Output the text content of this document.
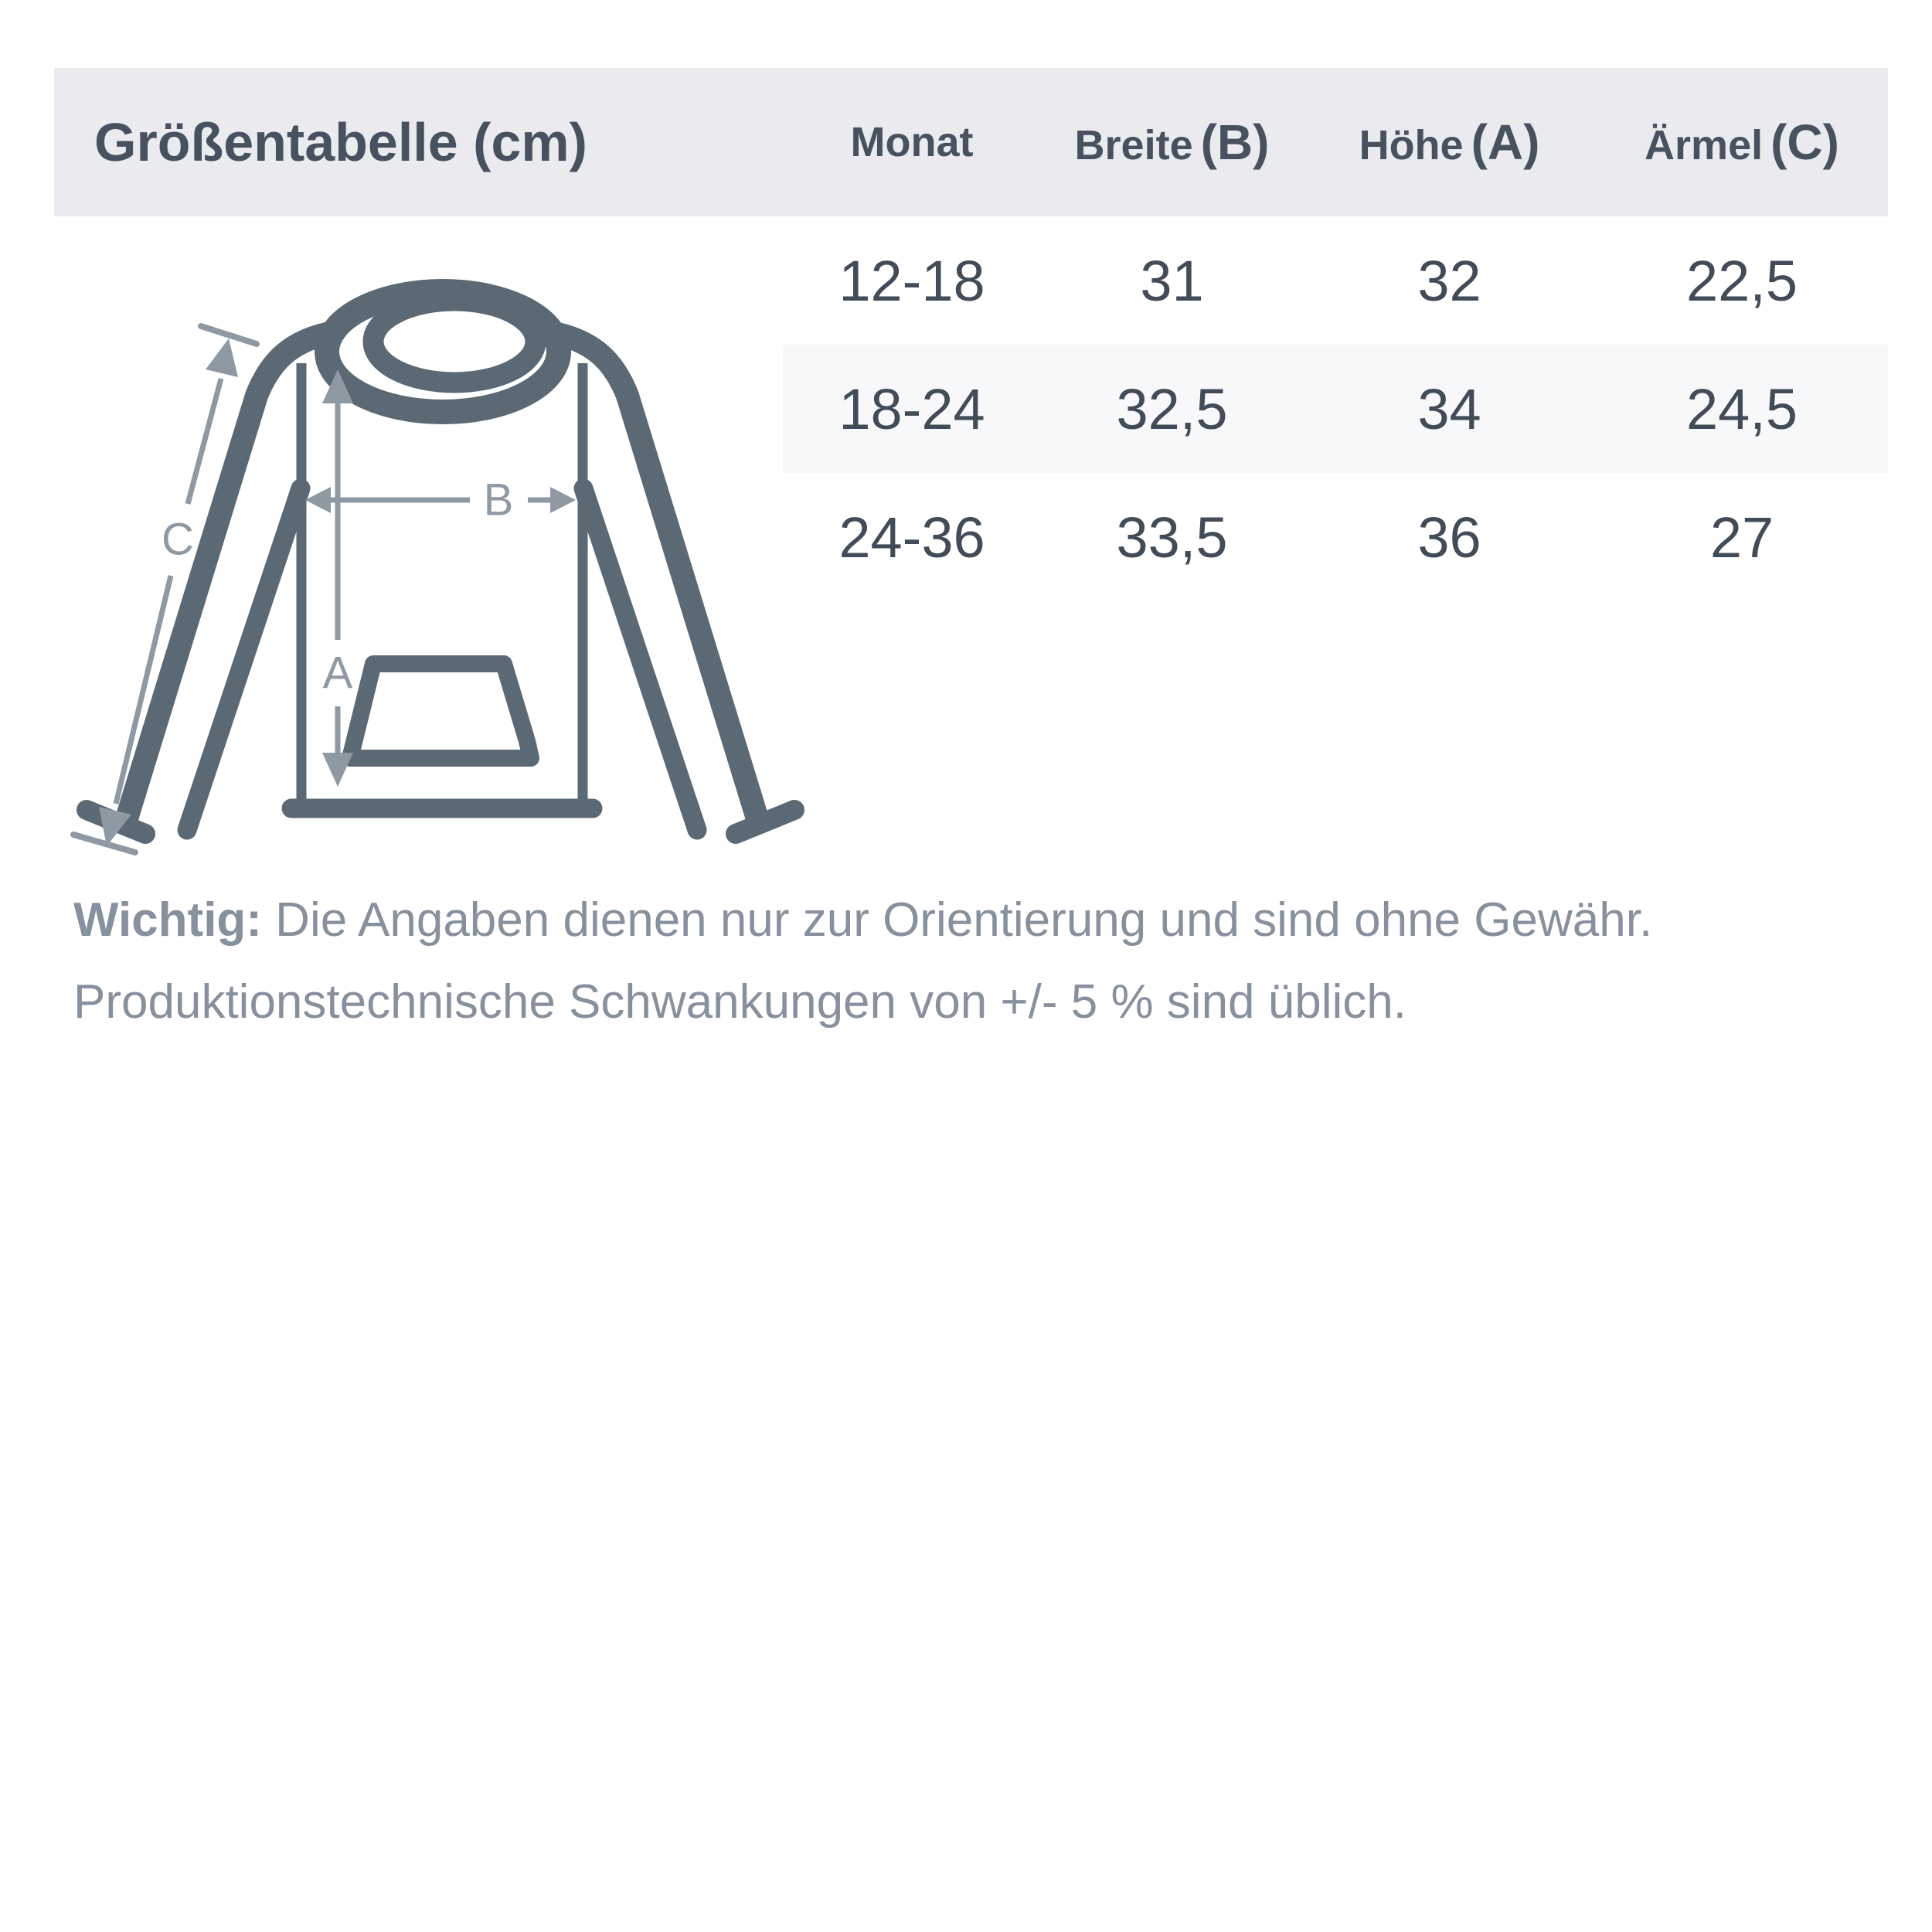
Größentabelle (cm)	Monat	Breite (B)	Höhe (A)	Ärmel (C)
12-18	31	32	22,5
18-24	32,5	34	24,5
24-36	33,5	36	27
A
B
C

Wichtig: Die Angaben dienen nur zur Orientierung und sind ohne Gewähr.
Produktionstechnische Schwankungen von +/- 5 % sind üblich.
